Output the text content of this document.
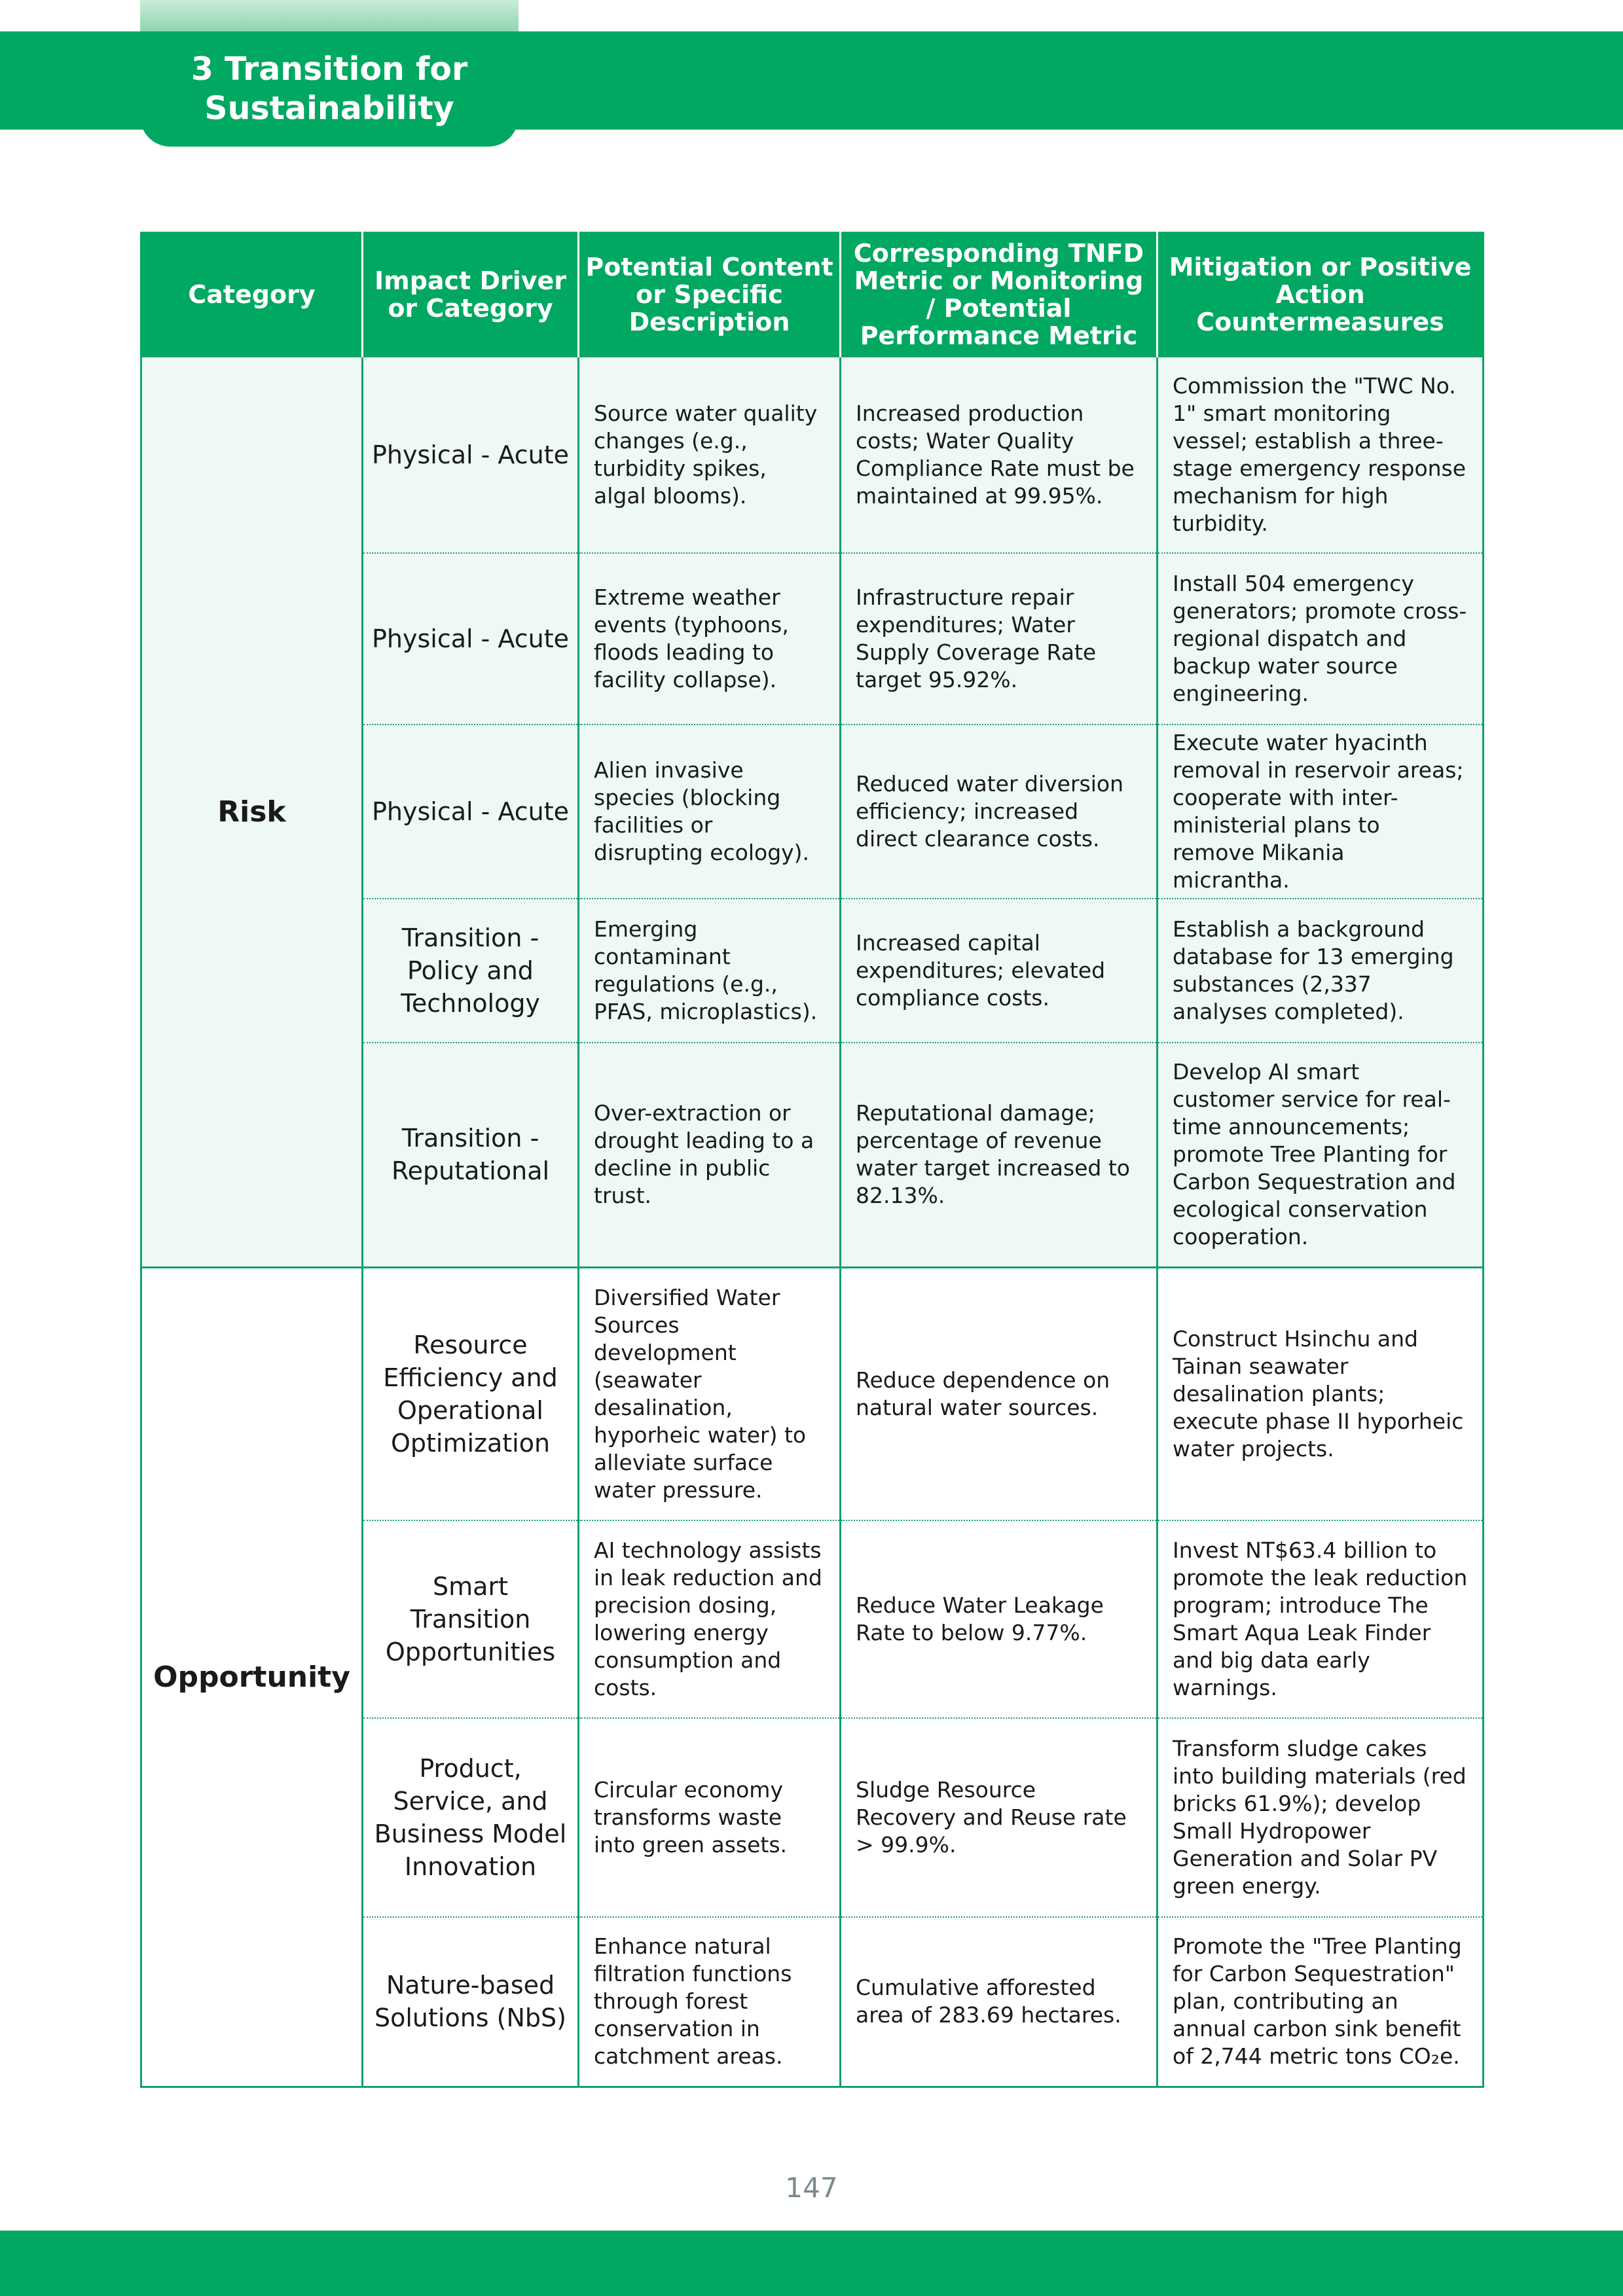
3 Transition for
Sustainability
Category	Impact Driver or Category	Potential Content or Specific Description	Corresponding TNFD Metric or Monitoring / Potential Performance Metric	Mitigation or Positive Action Countermeasures
Risk	Physical - Acute	Source water quality changes (e.g., turbidity spikes, algal blooms).	Increased production costs; Water Quality Compliance Rate must be maintained at 99.95%.	Commission the "TWC No. 1" smart monitoring vessel; establish a three-stage emergency response mechanism for high turbidity.
	Physical - Acute	Extreme weather events (typhoons, floods leading to facility collapse).	Infrastructure repair expenditures; Water Supply Coverage Rate target 95.92%.	Install 504 emergency generators; promote cross-regional dispatch and backup water source engineering.
	Physical - Acute	Alien invasive species (blocking facilities or disrupting ecology).	Reduced water diversion efficiency; increased direct clearance costs.	Execute water hyacinth removal in reservoir areas; cooperate with inter-ministerial plans to remove Mikania micrantha.
	Transition - Policy and Technology	Emerging contaminant regulations (e.g., PFAS, microplastics).	Increased capital expenditures; elevated compliance costs.	Establish a background database for 13 emerging substances (2,337 analyses completed).
	Transition - Reputational	Over-extraction or drought leading to a decline in public trust.	Reputational damage; percentage of revenue water target increased to 82.13%.	Develop AI smart customer service for real-time announcements; promote Tree Planting for Carbon Sequestration and ecological conservation cooperation.
Opportunity	Resource Efficiency and Operational Optimization	Diversified Water Sources development (seawater desalination, hyporheic water) to alleviate surface water pressure.	Reduce dependence on natural water sources.	Construct Hsinchu and Tainan seawater desalination plants; execute phase II hyporheic water projects.
	Smart Transition Opportunities	AI technology assists in leak reduction and precision dosing, lowering energy consumption and costs.	Reduce Water Leakage Rate to below 9.77%.	Invest NT$63.4 billion to promote the leak reduction program; introduce The Smart Aqua Leak Finder and big data early warnings.
	Product, Service, and Business Model Innovation	Circular economy transforms waste into green assets.	Sludge Resource Recovery and Reuse rate > 99.9%.	Transform sludge cakes into building materials (red bricks 61.9%); develop Small Hydropower Generation and Solar PV green energy.
	Nature-based Solutions (NbS)	Enhance natural filtration functions through forest conservation in catchment areas.	Cumulative afforested area of 283.69 hectares.	Promote the "Tree Planting for Carbon Sequestration" plan, contributing an annual carbon sink benefit of 2,744 metric tons CO₂e.
147
